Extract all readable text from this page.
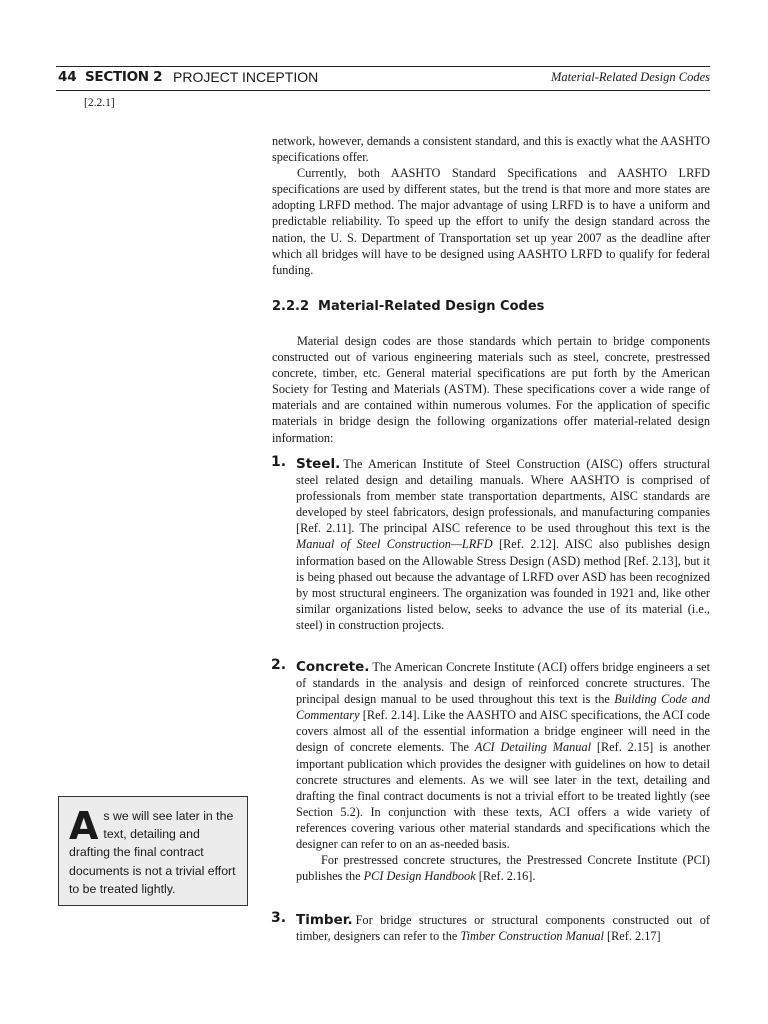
44 SECTION 2 PROJECT INCEPTION	Material-Related Design Codes
[2.2.1]

network, however, demands a consistent standard, and this is exactly what the AASHTO specifications offer.

Currently, both AASHTO Standard Specifications and AASHTO LRFD specifications are used by different states, but the trend is that more and more states are adopting LRFD method. The major advantage of using LRFD is to have a uniform and predictable reliability. To speed up the effort to unify the design standard across the nation, the U. S. Department of Transportation set up year 2007 as the deadline after which all bridges will have to be designed using AASHTO LRFD to qualify for federal funding.

2.2.2 Material-Related Design Codes

Material design codes are those standards which pertain to bridge components constructed out of various engineering materials such as steel, concrete, prestressed concrete, timber, etc. General material specifications are put forth by the American Society for Testing and Materials (ASTM). These specifications cover a wide range of materials and are contained within numerous volumes. For the application of specific materials in bridge design the following organizations offer material-related design information:

1. Steel. The American Institute of Steel Construction (AISC) offers structural steel related design and detailing manuals. Where AASHTO is comprised of professionals from member state transportation departments, AISC standards are developed by steel fabricators, design professionals, and manufacturing companies [Ref. 2.11]. The principal AISC reference to be used throughout this text is the Manual of Steel Construction—LRFD [Ref. 2.12]. AISC also publishes design information based on the Allowable Stress Design (ASD) method [Ref. 2.13], but it is being phased out because the advantage of LRFD over ASD has been recognized by most structural engineers. The organization was founded in 1921 and, like other similar organizations listed below, seeks to advance the use of its material (i.e., steel) in construction projects.

2. Concrete. The American Concrete Institute (ACI) offers bridge engineers a set of standards in the analysis and design of reinforced concrete structures. The principal design manual to be used throughout this text is the Building Code and Commentary [Ref. 2.14]. Like the AASHTO and AISC specifications, the ACI code covers almost all of the essential information a bridge engineer will need in the design of concrete elements. The ACI Detailing Manual [Ref. 2.15] is another important publication which provides the designer with guidelines on how to detail concrete structures and elements. As we will see later in the text, detailing and drafting the final contract documents is not a trivial effort to be treated lightly (see Section 5.2). In conjunction with these texts, ACI offers a wide variety of references covering various other material standards and specifications which the designer can refer to on an as-needed basis.

For prestressed concrete structures, the Prestressed Concrete Institute (PCI) publishes the PCI Design Handbook [Ref. 2.16].

3. Timber. For bridge structures or structural components constructed out of timber, designers can refer to the Timber Construction Manual [Ref. 2.17]

As we will see later in the text, detailing and drafting the final contract documents is not a trivial effort to be treated lightly.
